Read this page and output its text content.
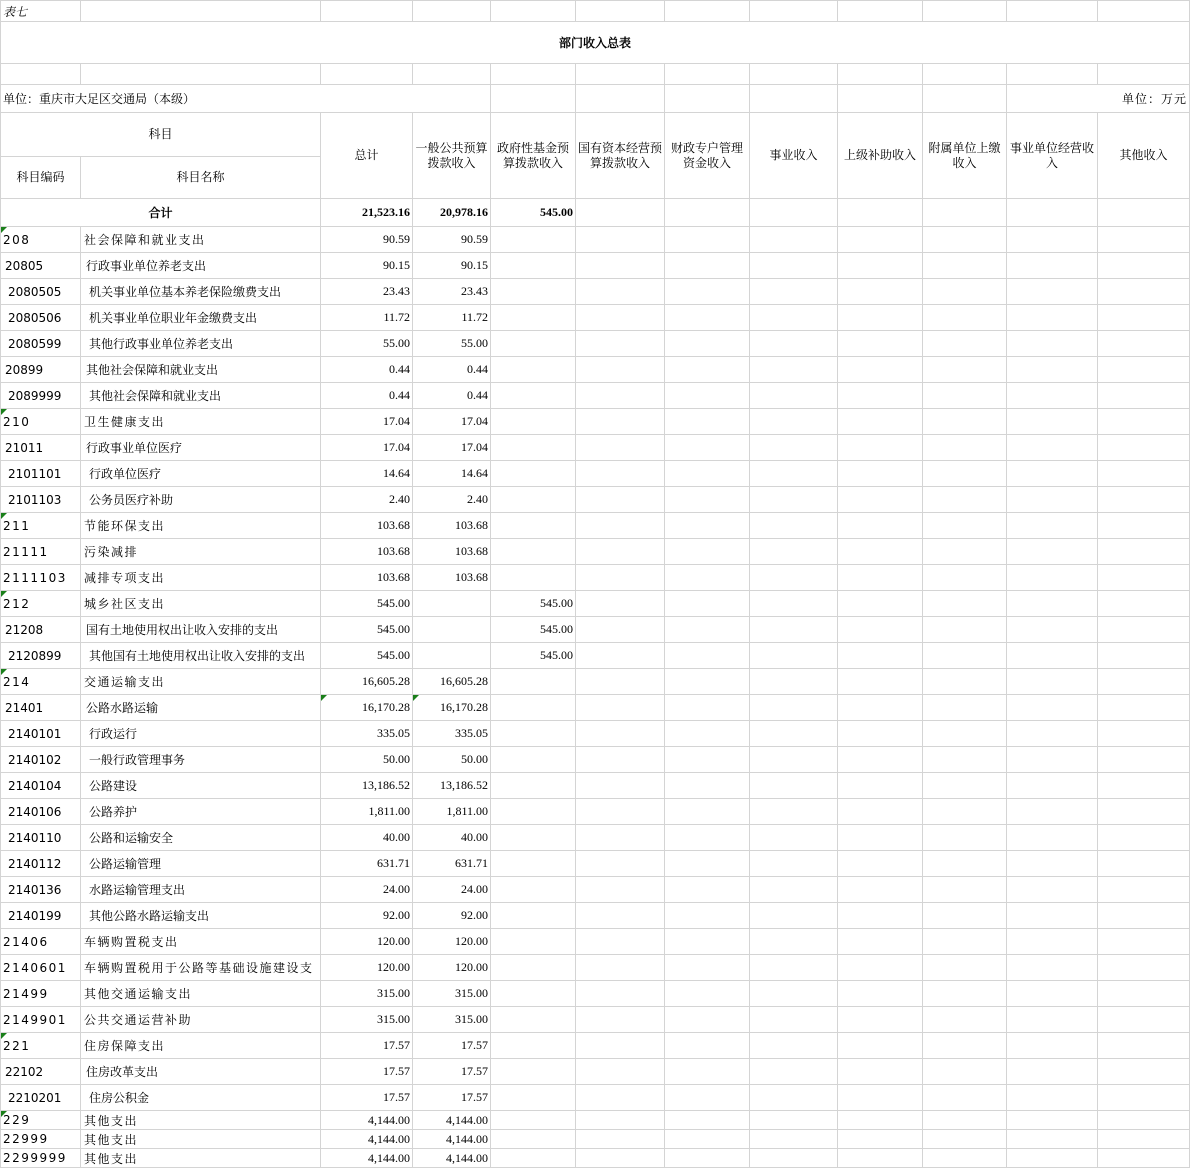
表七											
部门收入总表											

单位：重庆市大足区交通局（本级）										单位：万元	
科目		总计	一般公共预算拨款收入	政府性基金预算拨款收入	国有资本经营预算拨款收入	财政专户管理资金收入	事业收入	上级补助收入	附属单位上缴收入	事业单位经营收入	其他收入
科目编码	科目名称										
合计		21,523.16	20,978.16	545.00							
208	社会保障和就业支出	90.59	90.59								
20805	行政事业单位养老支出	90.15	90.15								
2080505	机关事业单位基本养老保险缴费支出	23.43	23.43								
2080506	机关事业单位职业年金缴费支出	11.72	11.72								
2080599	其他行政事业单位养老支出	55.00	55.00								
20899	其他社会保障和就业支出	0.44	0.44								
2089999	其他社会保障和就业支出	0.44	0.44								
210	卫生健康支出	17.04	17.04								
21011	行政事业单位医疗	17.04	17.04								
2101101	行政单位医疗	14.64	14.64								
2101103	公务员医疗补助	2.40	2.40								
211	节能环保支出	103.68	103.68								
21111	污染减排	103.68	103.68								
2111103	减排专项支出	103.68	103.68								
212	城乡社区支出	545.00		545.00							
21208	国有土地使用权出让收入安排的支出	545.00		545.00							
2120899	其他国有土地使用权出让收入安排的支出	545.00		545.00							
214	交通运输支出	16,605.28	16,605.28								
21401	公路水路运输	16,170.28	16,170.28								
2140101	行政运行	335.05	335.05								
2140102	一般行政管理事务	50.00	50.00								
2140104	公路建设	13,186.52	13,186.52								
2140106	公路养护	1,811.00	1,811.00								
2140110	公路和运输安全	40.00	40.00								
2140112	公路运输管理	631.71	631.71								
2140136	水路运输管理支出	24.00	24.00								
2140199	其他公路水路运输支出	92.00	92.00								
21406	车辆购置税支出	120.00	120.00								
2140601	车辆购置税用于公路等基础设施建设支	120.00	120.00								
21499	其他交通运输支出	315.00	315.00								
2149901	公共交通运营补助	315.00	315.00								
221	住房保障支出	17.57	17.57								
22102	住房改革支出	17.57	17.57								
2210201	住房公积金	17.57	17.57								
229	其他支出	4,144.00	4,144.00								
22999	其他支出	4,144.00	4,144.00								
2299999	其他支出	4,144.00	4,144.00								
